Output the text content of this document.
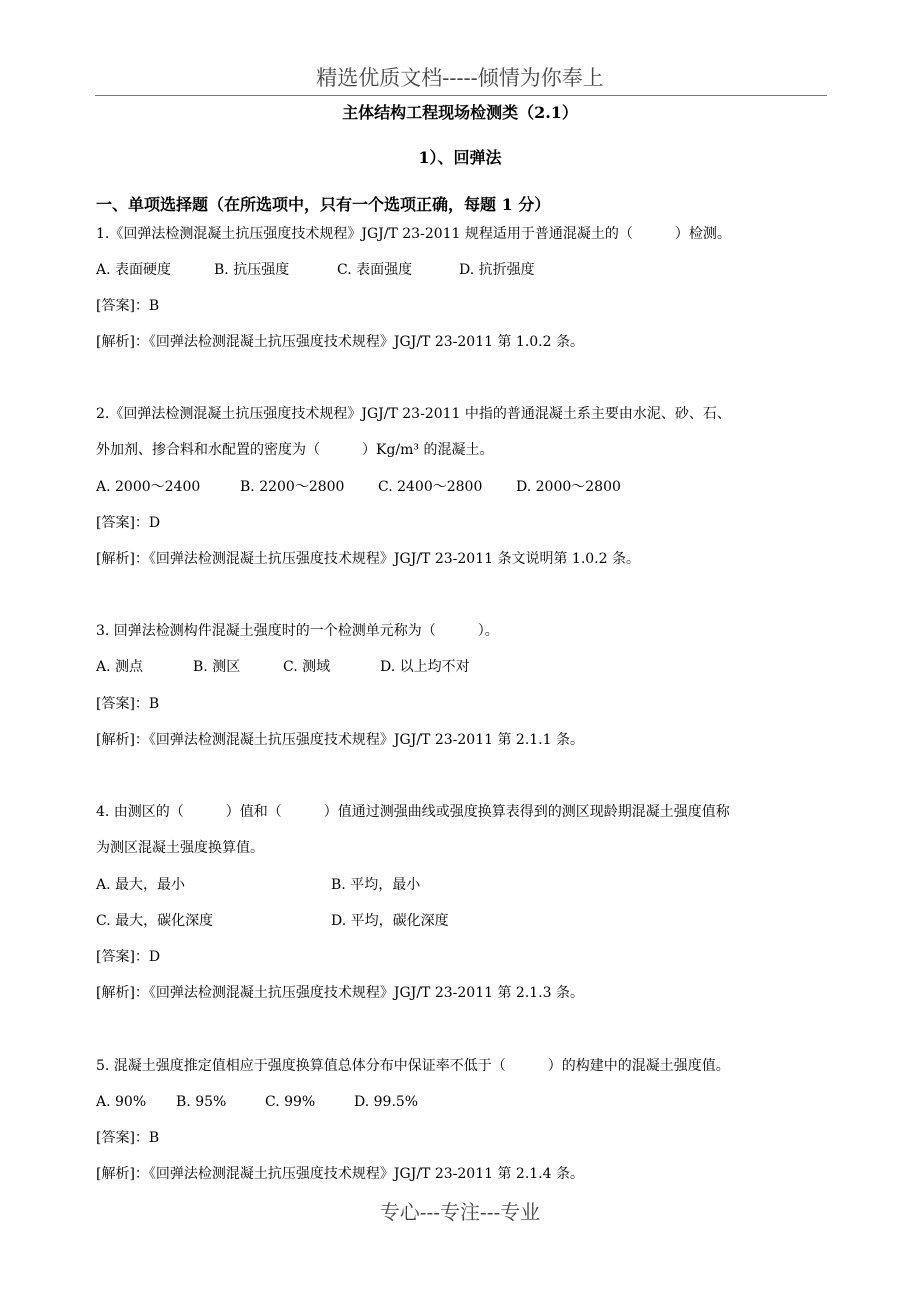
精选优质文档-----倾情为你奉上
主体结构工程现场检测类（2.1）
1）、回弹法
一、单项选择题（在所选项中，只有一个选项正确，每题 1 分）
1.《回弹法检测混凝土抗压强度技术规程》JGJ/T 23-2011 规程适用于普通混凝土的（　　　）检测。
A. 表面硬度	B. 抗压强度	C. 表面强度	D. 抗折强度
[答案]：B
[解析]：《回弹法检测混凝土抗压强度技术规程》JGJ/T 23-2011 第 1.0.2 条。
2.《回弹法检测混凝土抗压强度技术规程》JGJ/T 23-2011 中指的普通混凝土系主要由水泥、砂、石、
外加剂、掺合料和水配置的密度为（　　　）Kg/m³ 的混凝土。
A. 2000～2400	B. 2200～2800 C. 2400～2800 D. 2000～2800
[答案]：D
[解析]：《回弹法检测混凝土抗压强度技术规程》JGJ/T 23-2011 条文说明第 1.0.2 条。
3. 回弹法检测构件混凝土强度时的一个检测单元称为（　　　）。
A. 测点	B. 测区	C. 测域	D. 以上均不对
[答案]：B
[解析]：《回弹法检测混凝土抗压强度技术规程》JGJ/T 23-2011 第 2.1.1 条。
4. 由测区的（　　　）值和（　　　）值通过测强曲线或强度换算表得到的测区现龄期混凝土强度值称
为测区混凝土强度换算值。
A. 最大，最小	B. 平均，最小
C. 最大，碳化深度	D. 平均，碳化深度
[答案]：D
[解析]：《回弹法检测混凝土抗压强度技术规程》JGJ/T 23-2011 第 2.1.3 条。
5. 混凝土强度推定值相应于强度换算值总体分布中保证率不低于（　　　）的构建中的混凝土强度值。
A. 90% B. 95%	C. 99%	D. 99.5%
[答案]：B
[解析]：《回弹法检测混凝土抗压强度技术规程》JGJ/T 23-2011 第 2.1.4 条。
专心---专注---专业
